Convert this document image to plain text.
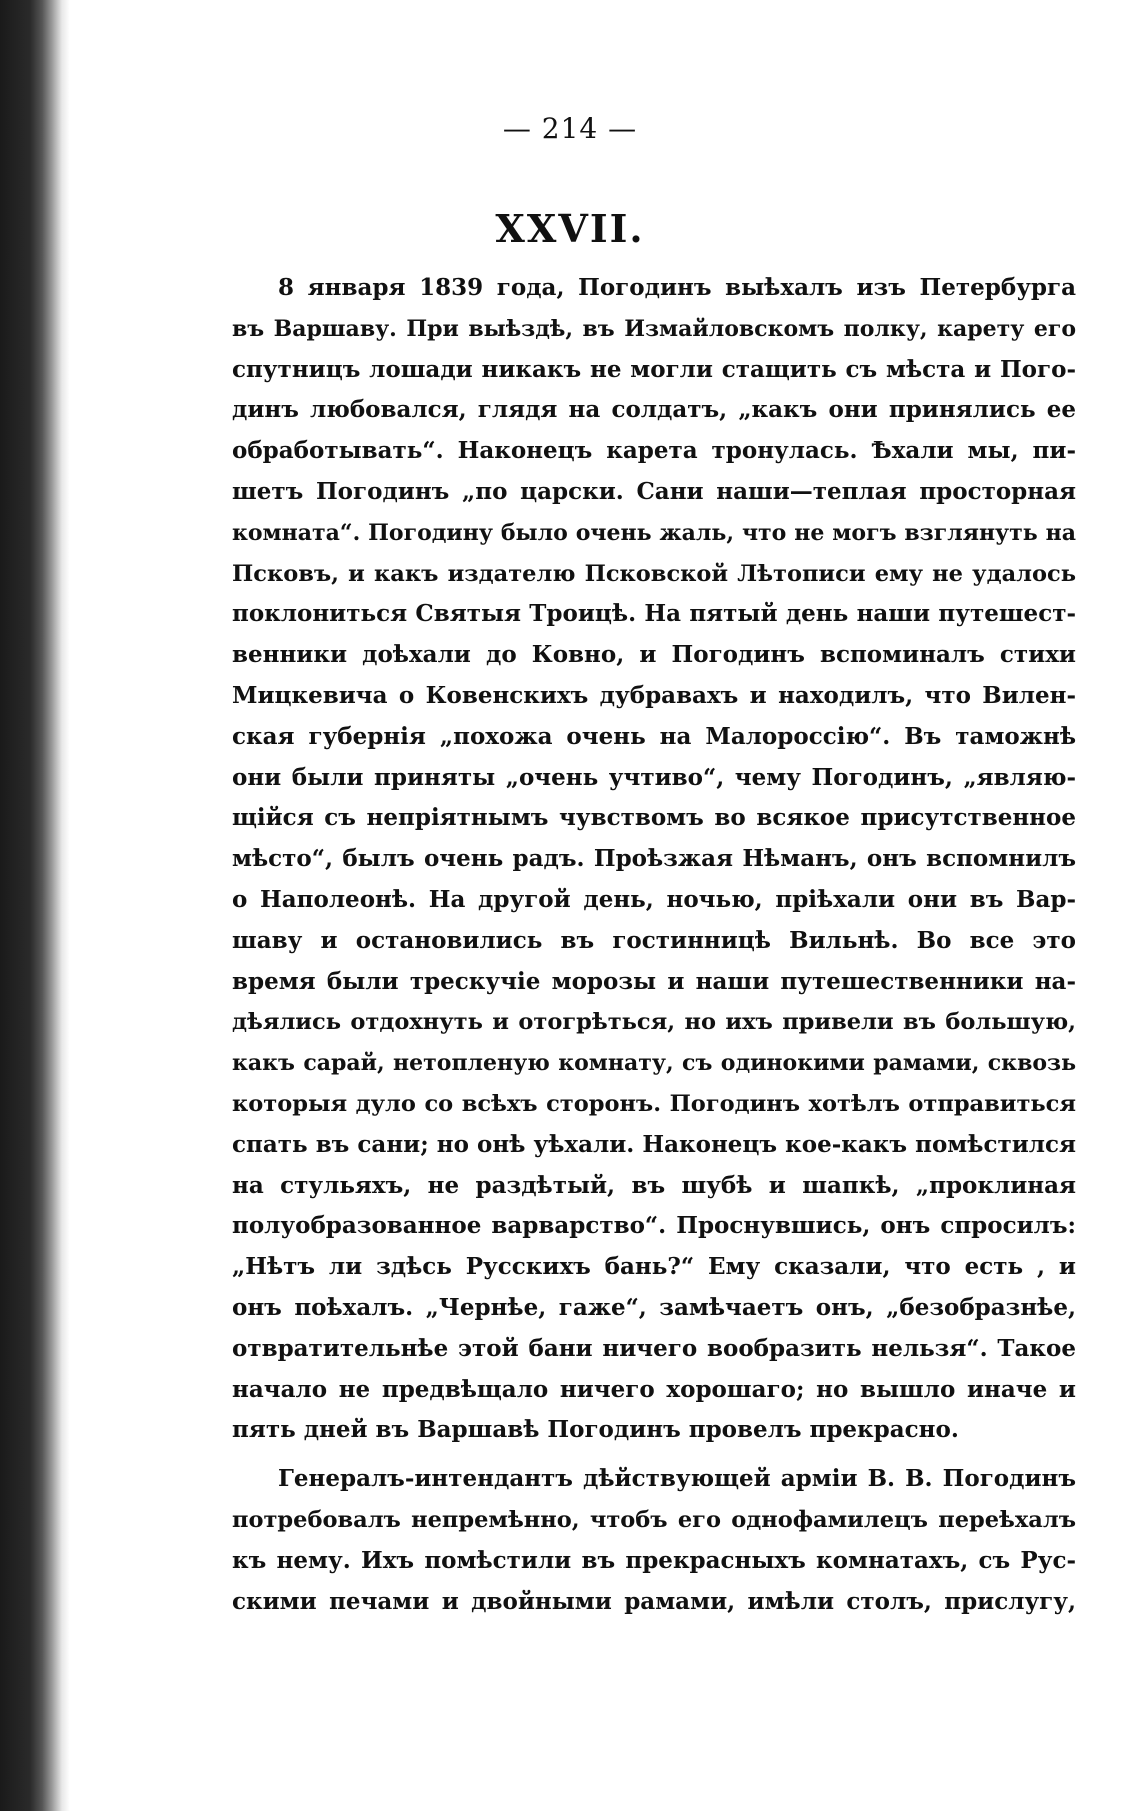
— 214 —
XXVII.
8 января 1839 года, Погодинъ выѣхалъ изъ Петербурга
въ Варшаву. При выѣздѣ, въ Измайловскомъ полку, карету его
спутницъ лошади никакъ не могли стащить съ мѣста и Пого-
динъ любовался, глядя на солдатъ, „какъ они принялись ее
обработывать“. Наконецъ карета тронулась. Ѣхали мы, пи-
шетъ Погодинъ „по царски. Сани наши—теплая просторная
комната“. Погодину было очень жаль, что не могъ взглянуть на
Псковъ, и какъ издателю Псковской Лѣтописи ему не удалось
поклониться Святыя Троицѣ. На пятый день наши путешест-
венники доѣхали до Ковно, и Погодинъ вспоминалъ стихи
Мицкевича о Ковенскихъ дубравахъ и находилъ, что Вилен-
ская губернія „похожа очень на Малороссію“. Въ таможнѣ
они были приняты „очень учтиво“, чему Погодинъ, „являю-
щійся съ непріятнымъ чувствомъ во всякое присутственное
мѣсто“, былъ очень радъ. Проѣзжая Нѣманъ, онъ вспомнилъ
о Наполеонѣ. На другой день, ночью, пріѣхали они въ Вар-
шаву и остановились въ гостинницѣ Вильнѣ. Во все это
время были трескучіе морозы и наши путешественники на-
дѣялись отдохнуть и отогрѣться, но ихъ привели въ большую,
какъ сарай, нетопленую комнату, съ одинокими рамами, сквозь
которыя дуло со всѣхъ сторонъ. Погодинъ хотѣлъ отправиться
спать въ сани; но онѣ уѣхали. Наконецъ кое-какъ помѣстился
на стульяхъ, не раздѣтый, въ шубѣ и шапкѣ, „проклиная
полуобразованное варварство“. Проснувшись, онъ спросилъ:
„Нѣтъ ли здѣсь Русскихъ бань?“ Ему сказали, что есть , и
онъ поѣхалъ. „Чернѣе, гаже“, замѣчаетъ онъ, „безобразнѣе,
отвратительнѣе этой бани ничего вообразить нельзя“. Такое
начало не предвѣщало ничего хорошаго; но вышло иначе и
пять дней въ Варшавѣ Погодинъ провелъ прекрасно.
Генералъ-интендантъ дѣйствующей арміи В. В. Погодинъ
потребовалъ непремѣнно, чтобъ его однофамилецъ переѣхалъ
къ нему. Ихъ помѣстили въ прекрасныхъ комнатахъ, съ Рус-
скими печами и двойными рамами, имѣли столъ, прислугу,
